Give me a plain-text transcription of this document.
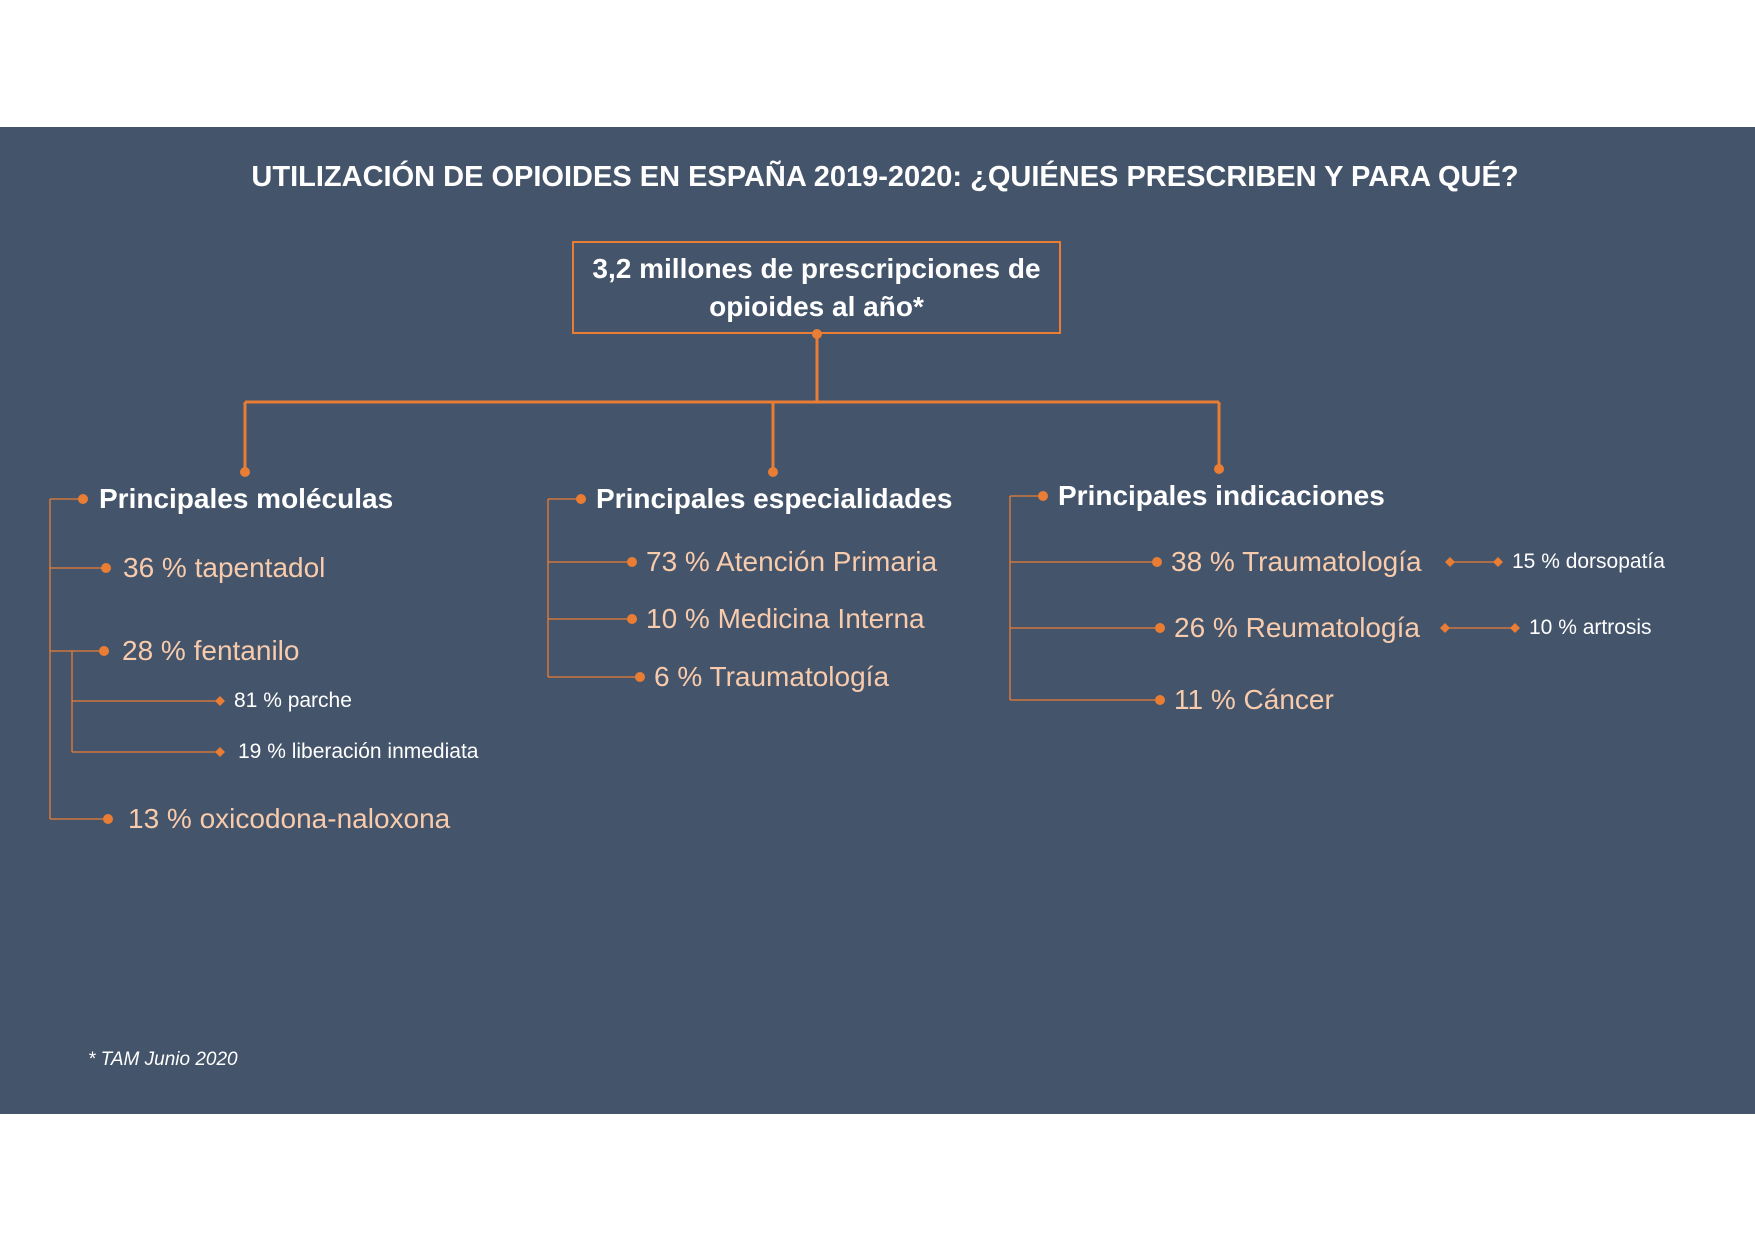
UTILIZACIÓN DE OPIOIDES EN ESPAÑA 2019-2020: ¿QUIÉNES PRESCRIBEN Y PARA QUÉ?
3,2 millones de prescripciones de opioides al año*
Principales moléculas
36 % tapentadol
28 % fentanilo
81 % parche
19 % liberación inmediata
13 % oxicodona-naloxona
Principales especialidades
73 % Atención Primaria
10 % Medicina Interna
6 % Traumatología
Principales indicaciones
38 % Traumatología	15 % dorsopatía
26 % Reumatología	10 % artrosis
11 % Cáncer
* TAM Junio 2020
